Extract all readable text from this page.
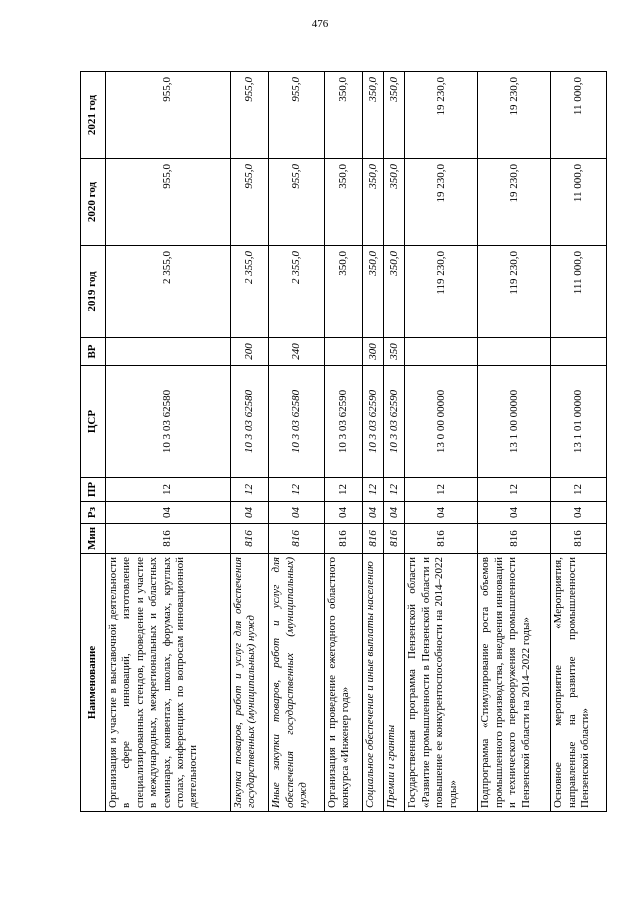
476
Наименование	Мин	Рз	ПР	ЦСР	ВР	2019 год	2020 год	2021 год
Организация и участие в выставочной деятельности в сфере инноваций, изготовление специализированных стендов, проведение и участие в международных, межрегиональных и областных семинарах, конвентах, школах, форумах, круглых столах, конференциях по вопросам инновационной деятельности	816	04	12	10 3 03 62580		2 355,0	955,0	955,0
Закупка товаров, работ и услуг для обеспечения государственных (муниципальных) нужд	816	04	12	10 3 03 62580	200	2 355,0	955,0	955,0
Иные закупки товаров, работ и услуг для обеспечения государственных (муниципальных) нужд	816	04	12	10 3 03 62580	240	2 355,0	955,0	955,0
Организация и проведение ежегодного областного конкурса «Инженер года»	816	04	12	10 3 03 62590		350,0	350,0	350,0
Социальное обеспечение и иные выплаты населению	816	04	12	10 3 03 62590	300	350,0	350,0	350,0
Премии и гранты	816	04	12	10 3 03 62590	350	350,0	350,0	350,0
Государственная программа Пензенской области «Развитие промышленности в Пензенской области и повышение ее конкурентоспособности на 2014–2022 годы»	816	04	12	13 0 00 00000		119 230,0	19 230,0	19 230,0
Подпрограмма «Стимулирование роста объемов промышленного производства, внедрения инноваций и технического перевооружения промышленности Пензенской области на 2014–2022 годы»	816	04	12	13 1 00 00000		119 230,0	19 230,0	19 230,0
Основное мероприятие «Мероприятия, направленные на развитие промышленности Пензенской области»	816	04	12	13 1 01 00000		111 000,0	11 000,0	11 000,0
